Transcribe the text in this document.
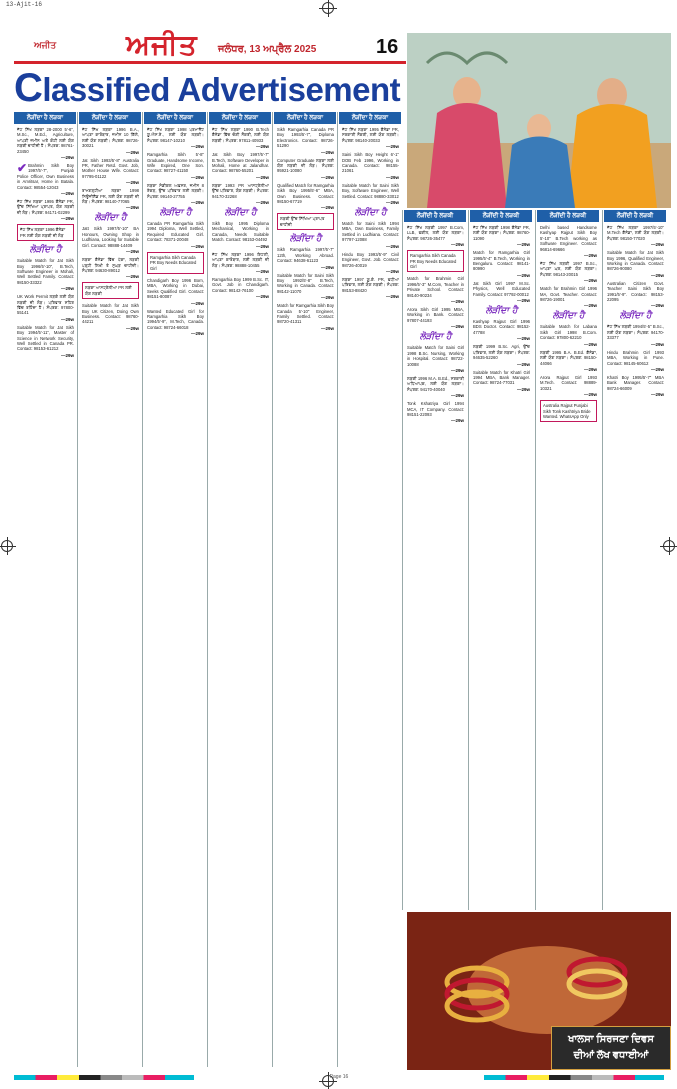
13-Ajit-16
ਅਜੀਤ ਅਜੀਤ ਜਲੰਧਰ, 13 ਅਪ੍ਰੈਲ 2025	16
Classified Advertisement
ਖਾਲਸਾ ਸਿਰਜਣਾ ਦਿਵਸ ਦੀਆਂ ਲੱਖ ਵਧਾਈਆਂ
ਲੋੜੀਂਦਾ ਹੈ ਲੜਕਾ
ਜੱਟ ਸਿੱਖ ਲੜਕਾ 28-2000 5'-6", M.Sc., M.Ed., Agriculture, ਆਪਣੀ ਜ਼ਮੀਨ ਅਤੇ ਕੋਠੀ ਲਈ ਯੋਗ ਲੜਕੀ ਚਾਹੀਦੀ ਹੈ। ਸੰਪਰਕ: 98761-23450
—29w
✔ Brahmin Sikh Boy 1997/5'-7", Punjab Police Officer, Own Business in Amritsar, Home in Batala. Contact: 98554-12043
—29w
ਜੱਟ ਸਿੱਖ ਲੜਕਾ 1995 ਕੈਨੇਡਾ PR, ਉੱਚ ਸਿੱਖਿਆ ਪ੍ਰਾਪਤ, ਯੋਗ ਲੜਕੀ ਦੀ ਲੋੜ। ਸੰਪਰਕ: 94171-02299
—29w
ਜੱਟ ਸਿੱਖ ਲੜਕਾ 1996 ਕੈਨੇਡਾ PR ਲਈ ਯੋਗ ਲੜਕੀ ਦੀ ਲੋੜ
ਲੋੜੀਂਦਾ ਹੈ
Suitable Match for Jat Sikh Boy 1996/5'-10", B.Tech, Software Engineer in Mohali, Well Settled Family. Contact: 98150-33322
—29w
UK Work Permit ਲੜਕੇ ਲਈ ਯੋਗ ਲੜਕੀ ਦੀ ਲੋੜ। ਪਰਿਵਾਰ ਸ਼ਹਿਰ ਵਿੱਚ ਰਹਿੰਦਾ ਹੈ। ਸੰਪਰਕ: 97800-55141
—29w
Suitable Match for Jat Sikh Boy 1994/5'-11", Master of Science in Network Security, Well Settled in Canada PR. Contact: 98153-61212
—29w
ਲੋੜੀਂਦਾ ਹੈ ਲੜਕਾ
ਜੱਟ ਸਿੱਖ ਲੜਕਾ 1996 B.A., ਆਪਣਾ ਕਾਰੋਬਾਰ, ਜ਼ਮੀਨ 10 ਕਿੱਲੇ, ਲਈ ਯੋਗ ਲੜਕੀ। ਸੰਪਰਕ: 98726-30021
—29w
Jat Sikh 1993/5'-8" Australia PR, Father Retd. Govt. Job, Mother House Wife. Contact: 97795-01122
—29w
ਰਾਮਗੜ੍ਹੀਆ ਲੜਕਾ 1998 ਨਿਊਜ਼ੀਲੈਂਡ PR, ਲਈ ਯੋਗ ਲੜਕੀ ਦੀ ਲੋੜ। ਸੰਪਰਕ: 98140-77065
—29w
ਲੋੜੀਂਦਾ ਹੈ
Jatt Sikh 1997/5'-10" BA Honours, Owning Shop in Ludhiana, Looking for Suitable Girl. Contact: 98888-14409
—29w
ਲੜਕਾ ਕੈਨੇਡਾ ਵਿੱਚ ਪੱਕਾ, ਲੜਕੀ ਪੜ੍ਹੀ ਲਿਖੀ ਤੇ ਸੁਘੜ ਚਾਹੀਦੀ। ਸੰਪਰਕ: 94630-89012
—29w
ਲੜਕਾ ਆਸਟ੍ਰੇਲੀਆ PR ਲਈ ਯੋਗ ਲੜਕੀ
Suitable Match for Jat Sikh Boy UK Citizen, Doing Own Business. Contact: 98760-44211
—29w
ਲੋੜੀਂਦਾ ਹੈ ਲੜਕਾ
ਜੱਟ ਸਿੱਖ ਲੜਕਾ 1998 ਪਰਮਾਨੈਂਟ ਯੂ.ਐਸ.ਏ., ਲਈ ਯੋਗ ਲੜਕੀ। ਸੰਪਰਕ: 98147-10210
—29w
Ramgarhia Sikh 5'-8" Graduate, Handsome Income, Wife Expired, One Son. Contact: 98727-41150
—29w
ਲੜਕਾ ਮੈਡੀਕਲ ਅਫ਼ਸਰ, ਜ਼ਮੀਨ 8 ਏਕੜ, ਉੱਚ ਪਰਿਵਾਰ ਲਈ ਲੜਕੀ। ਸੰਪਰਕ: 99140-27755
—29w
ਲੋੜੀਂਦਾ ਹੈ
Canada PR Ramgarhia Sikh 1994 Diploma, Well Settled, Required Educated Girl. Contact: 78371-20048
—29w
Ramgarhia Sikh Canada PR Boy Needs Educated Girl
Chandigarh Boy 1996 Born, MBA, Working in Dubai, Seeks Qualified Girl. Contact: 98151-80087
—29w
Wanted Educated Girl for Ramgarhia Sikh Boy 1994/5'-9", M.Tech, Canada. Contact: 98724-66018
—29w
ਲੋੜੀਂਦਾ ਹੈ ਲੜਕਾ
ਜੱਟ ਸਿੱਖ ਲੜਕਾ 1990 B.Tech ਕੈਨੇਡਾ ਵਿੱਚ ਚੰਗੀ ਨੌਕਰੀ, ਲਈ ਯੋਗ ਲੜਕੀ। ਸੰਪਰਕ: 97811-40933
—29w
Jat Sikh Boy 1997/5'-7" B.Tech, Software Developer in Mohali, Home at Jalandhar. Contact: 98760-55201
—29w
ਲੜਕਾ 1993 PR ਆਸਟ੍ਰੇਲੀਆ ਉੱਚ ਪਰਿਵਾਰ, ਯੋਗ ਲੜਕੀ। ਸੰਪਰਕ: 94170-32268
—29w
ਲੋੜੀਂਦਾ ਹੈ
Sikh Boy 1995 Diploma Mechanical, Working in Canada, Needs Suitable Match. Contact: 98153-04492
—29w
ਜੱਟ ਸਿੱਖ ਲੜਕਾ 1996 ਇਟਲੀ, ਆਪਣਾ ਕਾਰੋਬਾਰ, ਲਈ ਲੜਕੀ ਦੀ ਲੋੜ। ਸੰਪਰਕ: 98888-10455
—29w
Ramgarhia Boy 1999 B.Sc. IT, Govt. Job in Chandigarh. Contact: 98142-76100
—29w
ਲੋੜੀਂਦਾ ਹੈ ਲੜਕਾ
Sikh Ramgarhia Canada PR Boy 1993/5'-7", Diploma Electronics. Contact: 98726-51290
—29w
Computer Graduate ਲੜਕਾ ਲਈ ਯੋਗ ਲੜਕੀ ਦੀ ਲੋੜ। ਸੰਪਰਕ: 95921-10080
—29w
Qualified Match for Ramgarhia Sikh Boy 1995/5'-6" MBA, Own Business. Contact: 98150-67719
—29w
ਲੜਕੀ ਉੱਚ ਸਿੱਖਿਆ ਪ੍ਰਾਪਤ ਚਾਹੀਦੀ
ਲੋੜੀਂਦਾ ਹੈ
Sikh Ramgarhia 1997/5'-7" 12th, Working Abroad. Contact: 94638-61123
—29w
Suitable Match for Saini Sikh Boy 1992/5'-8" B.Tech, Working in Canada. Contact: 98142-11070
—29w
Match for Ramgarhia Sikh Boy Canada 5'-10" Engineer, Family Settled. Contact: 98720-41311
—29w
ਲੋੜੀਂਦਾ ਹੈ ਲੜਕਾ
ਜੱਟ ਸਿੱਖ ਲੜਕਾ 1995 ਕੈਨੇਡਾ PR, ਸਰਕਾਰੀ ਨੌਕਰੀ, ਲਈ ਯੋਗ ਲੜਕੀ। ਸੰਪਰਕ: 98140-20033
—29w
Saini Sikh Boy Height 6'-1" DOB Feb 1996, Working in Canada. Contact: 98155-21061
—29w
Suitable Match for Saini Sikh Boy, Software Engineer, Well Settled. Contact: 98880-33012
—29w
ਲੋੜੀਂਦਾ ਹੈ
Match for Saini Sikh 1994 MBA, Own Business, Family Settled in Ludhiana. Contact: 97797-12088
—29w
Hindu Boy 1993/5'-9" Civil Engineer, Govt. Job. Contact: 98726-40019
—29w
ਲੜਕਾ 1997 ਯੂ.ਕੇ. PR, ਵਧੀਆ ਪਰਿਵਾਰ, ਲਈ ਯੋਗ ਲੜਕੀ। ਸੰਪਰਕ: 98153-88420
—29w
ਲੋੜੀਂਦੀ ਹੈ ਲੜਕੀ
ਜੱਟ ਸਿੱਖ ਲੜਕੀ 1997 B.Com, LLB, ਵਕੀਲ, ਲਈ ਯੋਗ ਲੜਕਾ। ਸੰਪਰਕ: 98726-35477
—29w
Ramgarhia Sikh Canada PR Boy Needs Educated Girl
Match for Brahmin Girl 1996/5'-3" M.Com, Teacher in Private School. Contact: 98140-90234
—29w
Arora Sikh Girl 1995 MBA, Working in Bank. Contact: 97807-44193
—29w
ਲੋੜੀਂਦਾ ਹੈ
Suitable Match for Saini Girl 1998 B.Sc. Nursing, Working in Hospital. Contact: 98722-10088
—29w
ਲੜਕੀ 1996 M.A. B.Ed., ਸਰਕਾਰੀ ਅਧਿਆਪਕ, ਲਈ ਯੋਗ ਲੜਕਾ। ਸੰਪਰਕ: 94170-40040
—29w
Tonk Kshatriya Girl 1994 MCA, IT Company. Contact: 98151-22093
—29w
ਲੋੜੀਂਦੀ ਹੈ ਲੜਕੀ
ਜੱਟ ਸਿੱਖ ਲੜਕੀ 1998 ਕੈਨੇਡਾ PR, ਲਈ ਯੋਗ ਲੜਕਾ। ਸੰਪਰਕ: 98760-11090
—29w
Match for Ramgarhia Girl 1995/5'-4" B.Tech, Working in Bengaluru. Contact: 98141-80990
—29w
Jat Sikh Girl 1997 M.Sc. Physics, Well Educated Family. Contact: 97792-00012
—29w
ਲੋੜੀਂਦਾ ਹੈ
Kashyap Rajput Girl 1996 BDS Doctor. Contact: 98152-47788
—29w
ਲੜਕੀ 1999 B.Sc. Agri, ਉੱਚ ਪਰਿਵਾਰ, ਲਈ ਯੋਗ ਲੜਕਾ। ਸੰਪਰਕ: 94635-52260
—29w
Suitable Match for Khatri Girl 1994 MBA, Bank Manager. Contact: 98724-77031
—29w
ਲੋੜੀਂਦੀ ਹੈ ਲੜਕੀ
Delhi based Handsome Kashyap Rajput Sikh Boy 5'-10" B.Tech working as Software Engineer. Contact: 96814-69666
—29w
ਜੱਟ ਸਿੱਖ ਲੜਕੀ 1997 B.Sc., ਆਪਣਾ ਘਰ, ਲਈ ਯੋਗ ਲੜਕਾ। ਸੰਪਰਕ: 98143-20015
—29w
Match for Brahmin Girl 1996 MA, Govt. Teacher. Contact: 98726-19001
—29w
ਲੋੜੀਂਦਾ ਹੈ
Suitable Match for Labana Sikh Girl 1998 B.Com. Contact: 97800-62210
—29w
ਲੜਕੀ 1995 B.A. B.Ed. ਕੈਨੇਡਾ, ਲਈ ਯੋਗ ਲੜਕਾ। ਸੰਪਰਕ: 98150-44066
—29w
Arora Rajput Girl 1993 M.Tech. Contact: 98889-10321
—29w
Australia Rajput Punjabi Sikh Tonk Kashtriya Bride Wanted. WhatsApp Only
ਲੋੜੀਂਦੀ ਹੈ ਲੜਕੀ
ਜੱਟ ਸਿੱਖ ਲੜਕਾ 1997/5'-10" M.Tech ਕੈਨੇਡਾ, ਲਈ ਯੋਗ ਲੜਕੀ। ਸੰਪਰਕ: 98150-77020
—29w
Suitable Match for Jat Sikh Boy 1996, Qualified Engineer, Working in Canada. Contact: 98726-90080
—29w
Australian Citizen Govt. Teacher Saini Sikh Boy 1991/5'-9". Contact: 98153-22095
—29w
ਲੋੜੀਂਦਾ ਹੈ
ਜੱਟ ਸਿੱਖ ਲੜਕੀ 1994/5'-5" B.Sc., ਲਈ ਯੋਗ ਲੜਕਾ। ਸੰਪਰਕ: 94170-33377
—29w
Hindu Brahmin Girl 1993 MBA, Working in Pune. Contact: 98145-60612
—29w
Khatri Boy 1995/5'-7" MBA Bank Manager. Contact: 98724-66009
—29w
Page 16
